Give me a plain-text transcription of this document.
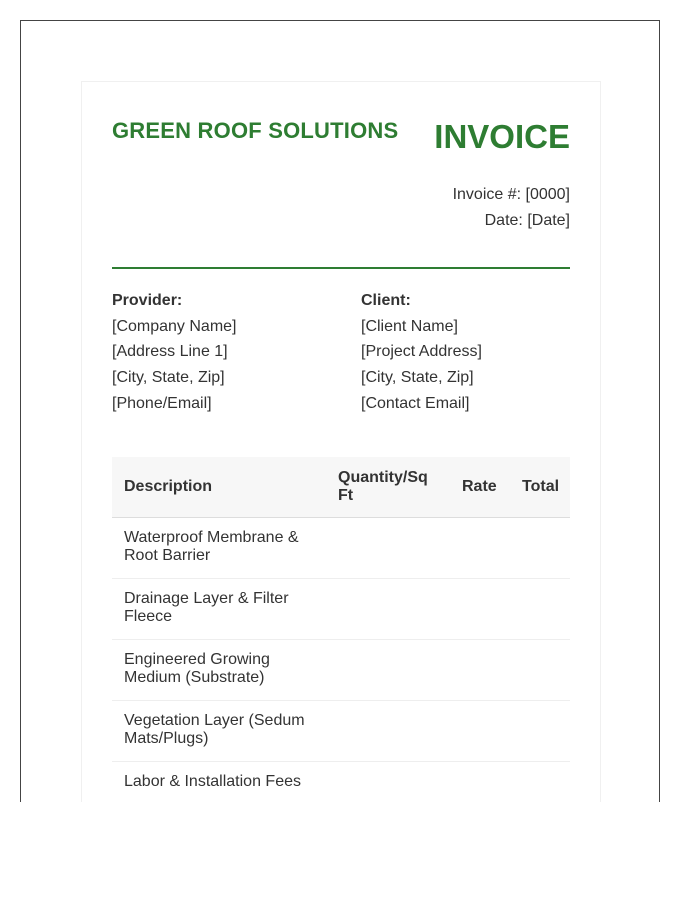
GREEN ROOF SOLUTIONS INVOICE
Invoice #: [0000]
Date: [Date]
Provider:
[Company Name]
[Address Line 1]
[City, State, Zip]
[Phone/Email]
Client:
[Client Name]
[Project Address]
[City, State, Zip]
[Contact Email]
Description
Quantity/Sq Ft
Rate	Total
Waterproof Membrane & Root Barrier
Drainage Layer & Filter Fleece
Engineered Growing Medium (Substrate)
Vegetation Layer (Sedum Mats/Plugs)
Labor & Installation Fees
